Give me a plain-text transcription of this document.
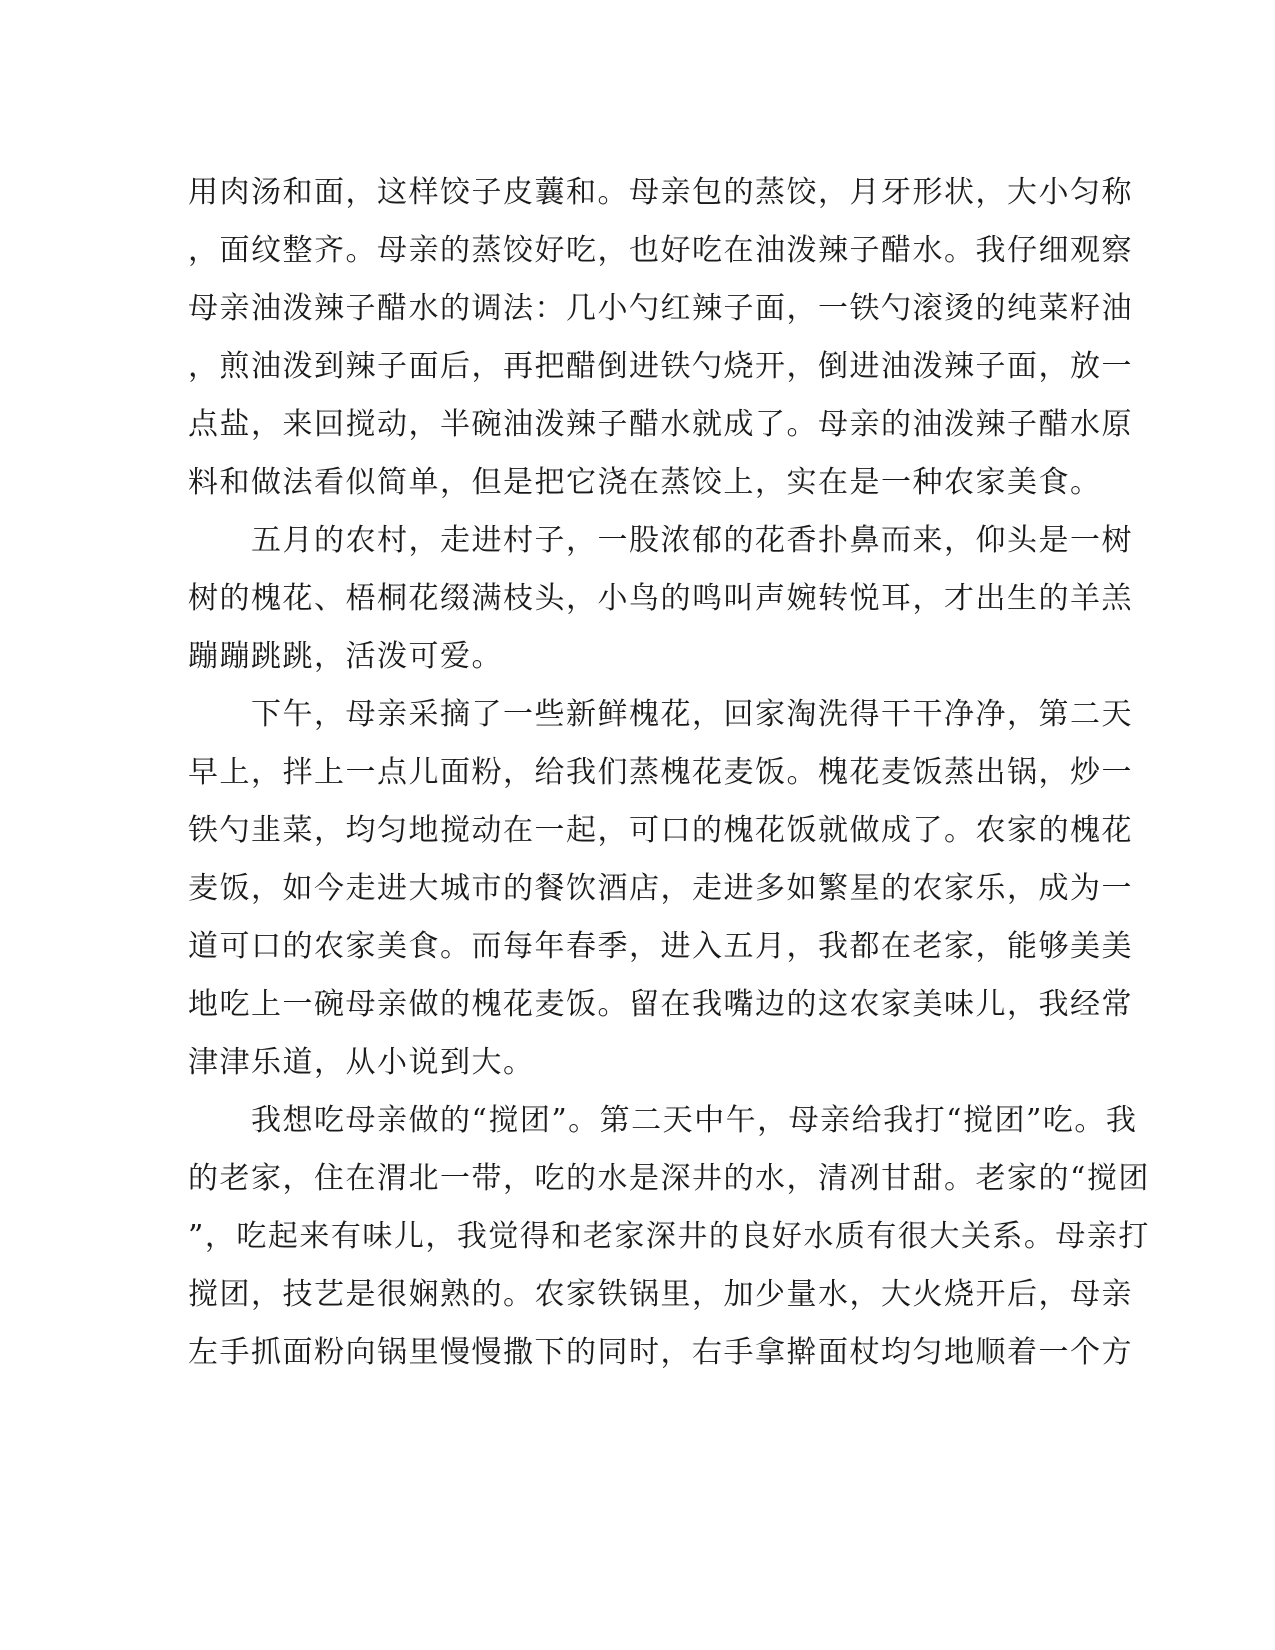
用肉汤和面，这样饺子皮蘘和。母亲包的蒸饺，月牙形状，大小匀称
，面纹整齐。母亲的蒸饺好吃，也好吃在油泼辣子醋水。我仔细观察
母亲油泼辣子醋水的调法：几小勺红辣子面，一铁勺滚烫的纯菜籽油
，煎油泼到辣子面后，再把醋倒进铁勺烧开，倒进油泼辣子面，放一
点盐，来回搅动，半碗油泼辣子醋水就成了。母亲的油泼辣子醋水原
料和做法看似简单，但是把它浇在蒸饺上，实在是一种农家美食。
　　五月的农村，走进村子，一股浓郁的花香扑鼻而来，仰头是一树
树的槐花、梧桐花缀满枝头，小鸟的鸣叫声婉转悦耳，才出生的羊羔
蹦蹦跳跳，活泼可爱。
　　下午，母亲采摘了一些新鲜槐花，回家淘洗得干干净净，第二天
早上，拌上一点儿面粉，给我们蒸槐花麦饭。槐花麦饭蒸出锅，炒一
铁勺韭菜，均匀地搅动在一起，可口的槐花饭就做成了。农家的槐花
麦饭，如今走进大城市的餐饮酒店，走进多如繁星的农家乐，成为一
道可口的农家美食。而每年春季，进入五月，我都在老家，能够美美
地吃上一碗母亲做的槐花麦饭。留在我嘴边的这农家美味儿，我经常
津津乐道，从小说到大。
　　我想吃母亲做的“搅团”。第二天中午，母亲给我打“搅团”吃。我
的老家，住在渭北一带，吃的水是深井的水，清冽甘甜。老家的“搅团
”，吃起来有味儿，我觉得和老家深井的良好水质有很大关系。母亲打
搅团，技艺是很娴熟的。农家铁锅里，加少量水，大火烧开后，母亲
左手抓面粉向锅里慢慢撒下的同时，右手拿擀面杖均匀地顺着一个方
